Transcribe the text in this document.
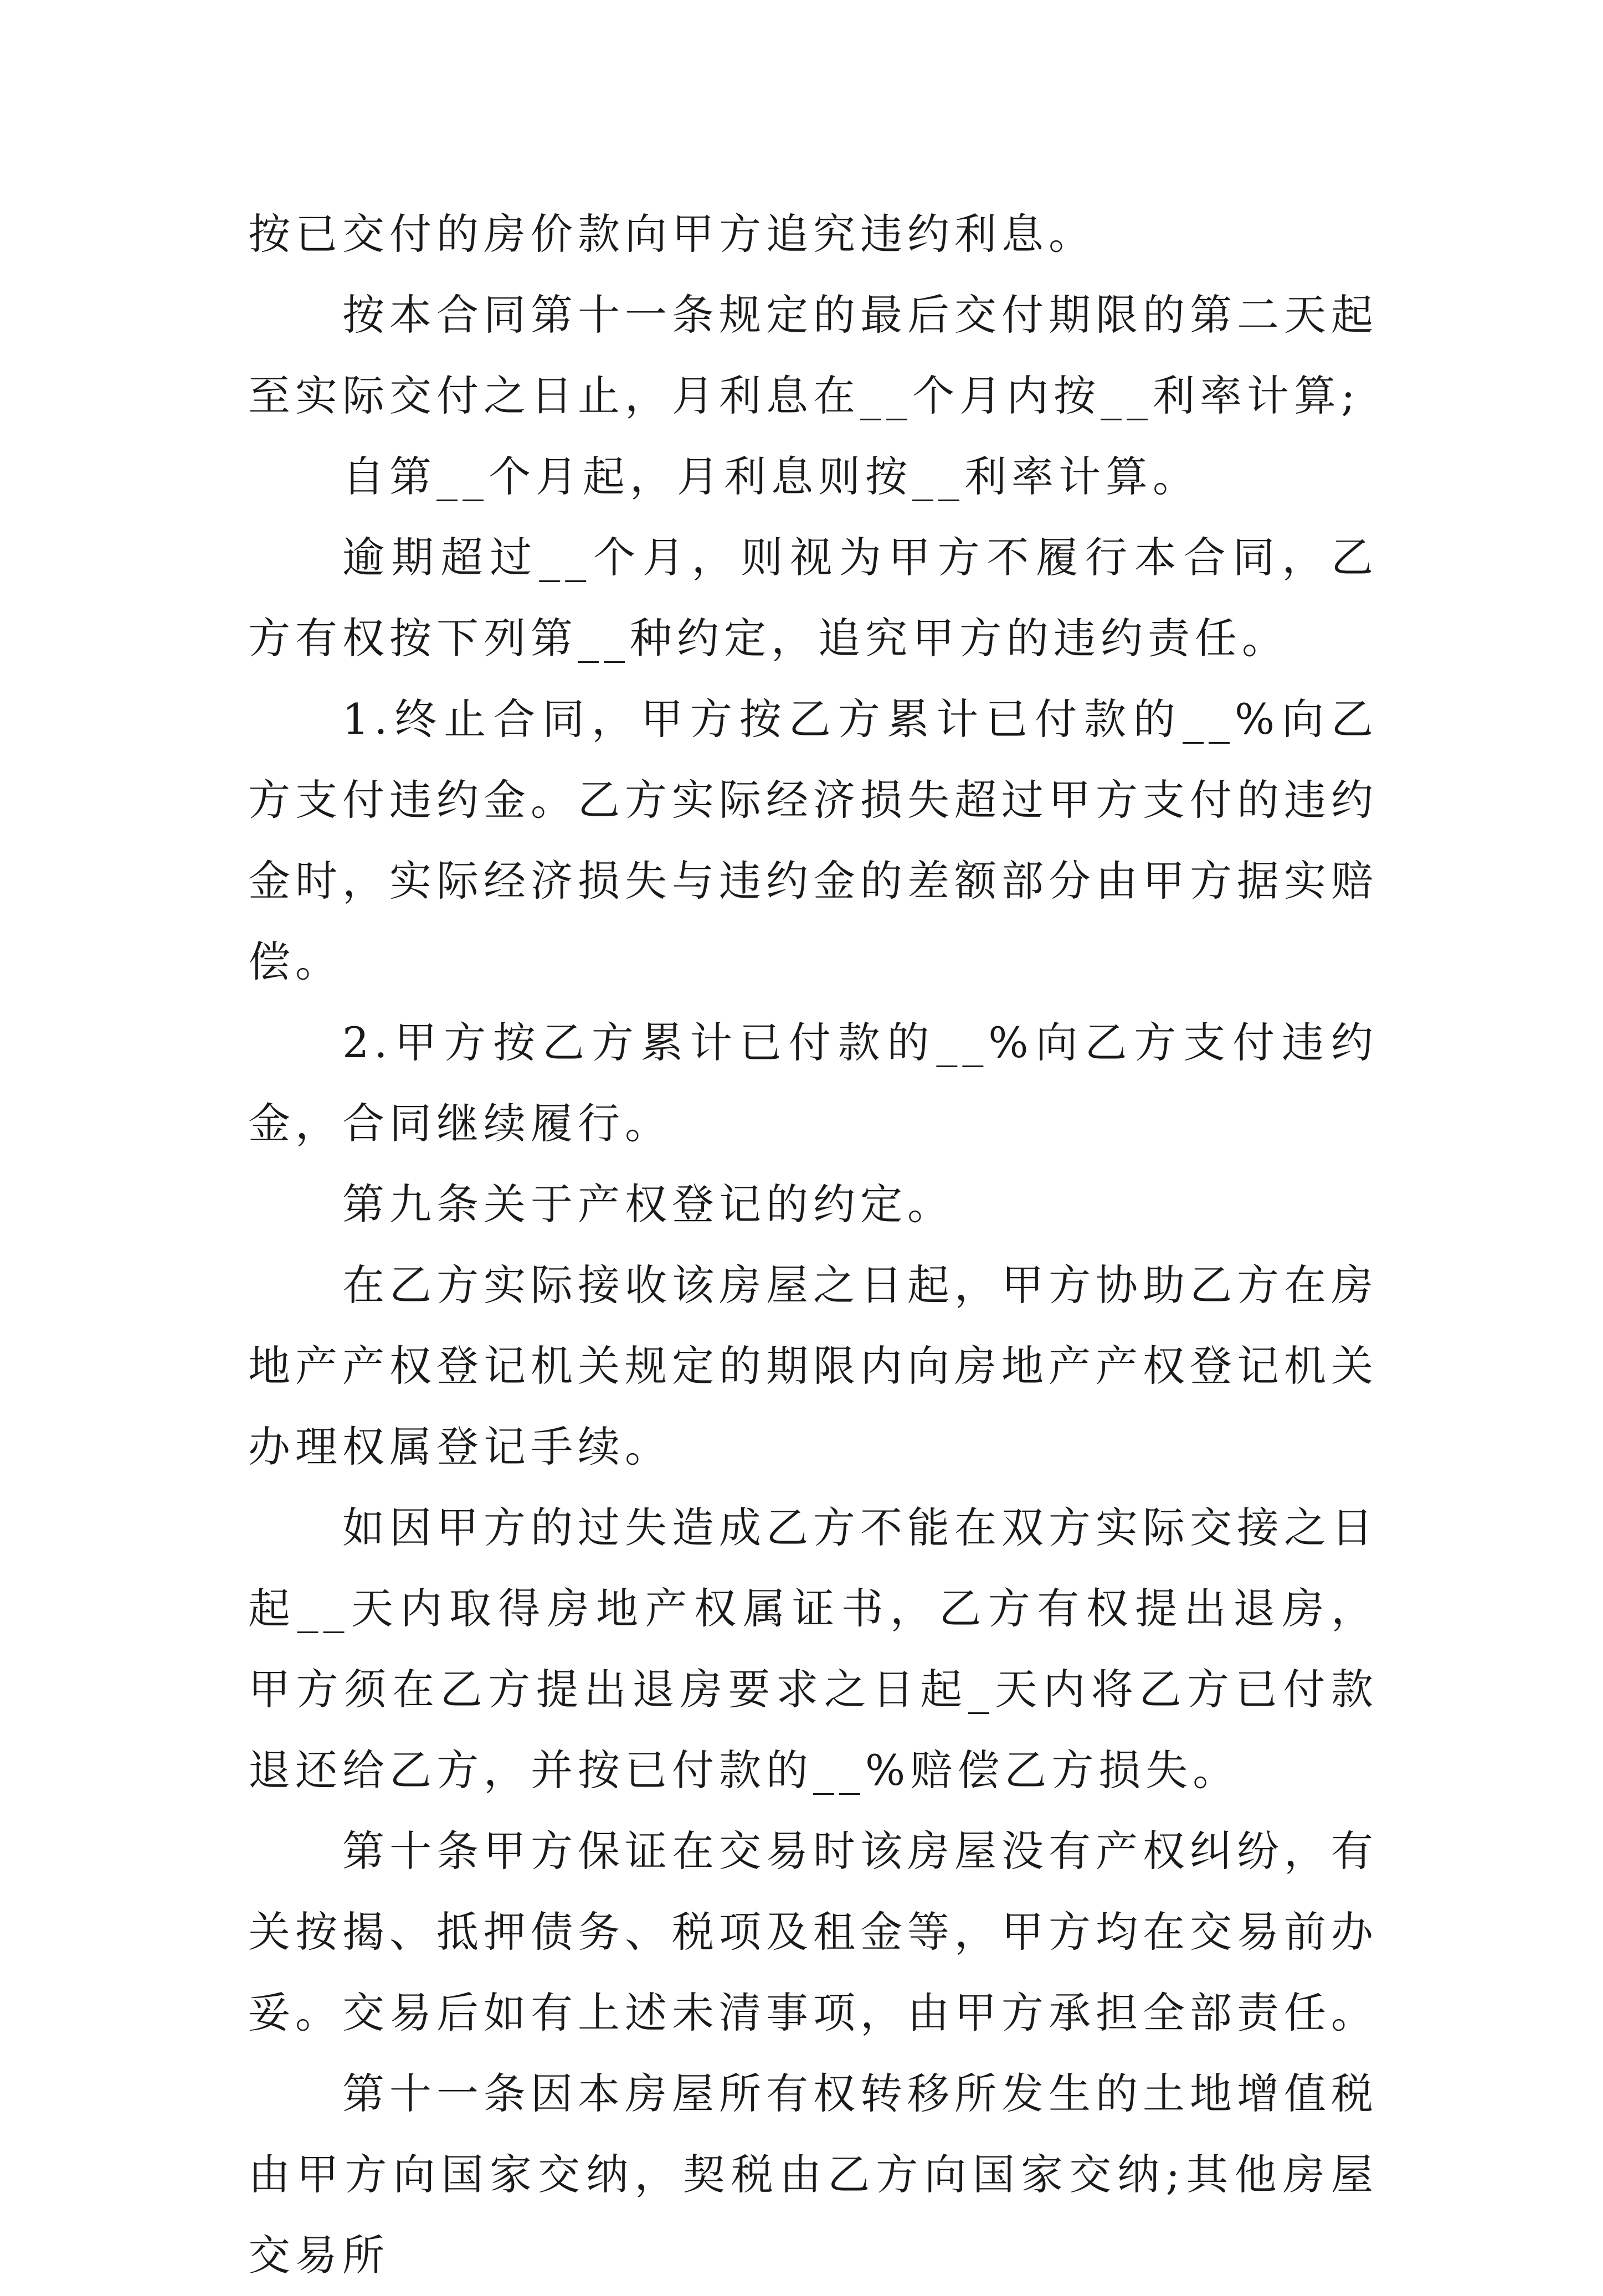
按已交付的房价款向甲方追究违约利息。

按本合同第十一条规定的最后交付期限的第二天起至实际交付之日止，月利息在__个月内按__利率计算;

自第__个月起，月利息则按__利率计算。

逾期超过__个月，则视为甲方不履行本合同，乙方有权按下列第__种约定，追究甲方的违约责任。

1.终止合同，甲方按乙方累计已付款的__%向乙方支付违约金。乙方实际经济损失超过甲方支付的违约金时，实际经济损失与违约金的差额部分由甲方据实赔偿。

2.甲方按乙方累计已付款的__%向乙方支付违约金，合同继续履行。

第九条关于产权登记的约定。

在乙方实际接收该房屋之日起，甲方协助乙方在房地产产权登记机关规定的期限内向房地产产权登记机关办理权属登记手续。

如因甲方的过失造成乙方不能在双方实际交接之日起__天内取得房地产权属证书，乙方有权提出退房，甲方须在乙方提出退房要求之日起_天内将乙方已付款退还给乙方，并按已付款的__%赔偿乙方损失。

第十条甲方保证在交易时该房屋没有产权纠纷，有关按揭、抵押债务、税项及租金等，甲方均在交易前办妥。交易后如有上述未清事项，由甲方承担全部责任。

第十一条因本房屋所有权转移所发生的土地增值税由甲方向国家交纳，契税由乙方向国家交纳;其他房屋交易所
